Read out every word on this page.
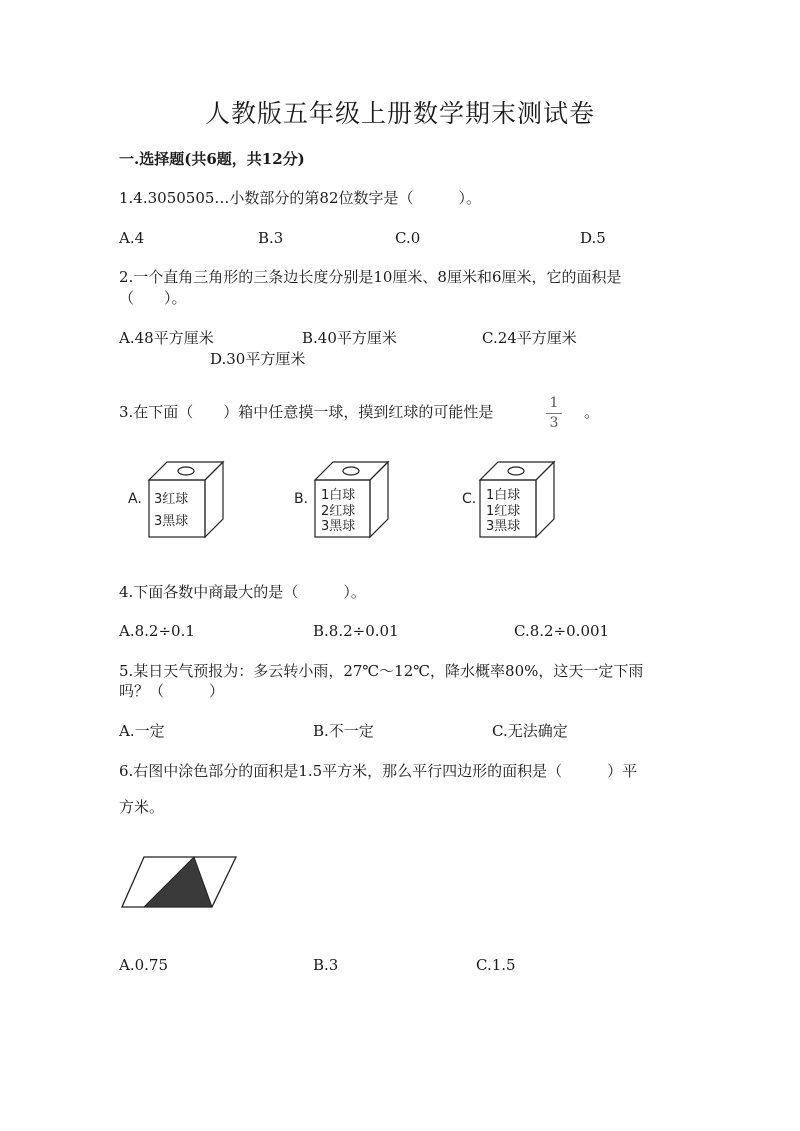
人教版五年级上册数学期末测试卷
一.选择题(共6题，共12分)
1.4.3050505…小数部分的第82位数字是（　　　）。
A.4	B.3	C.0	D.5
2.一个直角三角形的三条边长度分别是10厘米、8厘米和6厘米，它的面积是
（　　）。
A.48平方厘米	B.40平方厘米	C.24平方厘米
D.30平方厘米
3.在下面（　　）箱中任意摸一球，摸到红球的可能性是	1
3
。
A. 3红球
3黑球
B. 1白球
2红球
3黑球
C. 1白球
1红球
3黑球
4.下面各数中商最大的是（　　　）。
A.8.2÷0.1	B.8.2÷0.01	C.8.2÷0.001
5.某日天气预报为：多云转小雨，27℃～12℃，降水概率80%，这天一定下雨
吗？（　　　）
A.一定	B.不一定	C.无法确定
6.右图中涂色部分的面积是1.5平方米，那么平行四边形的面积是（　　　）平
方米。
A.0.75	B.3	C.1.5
